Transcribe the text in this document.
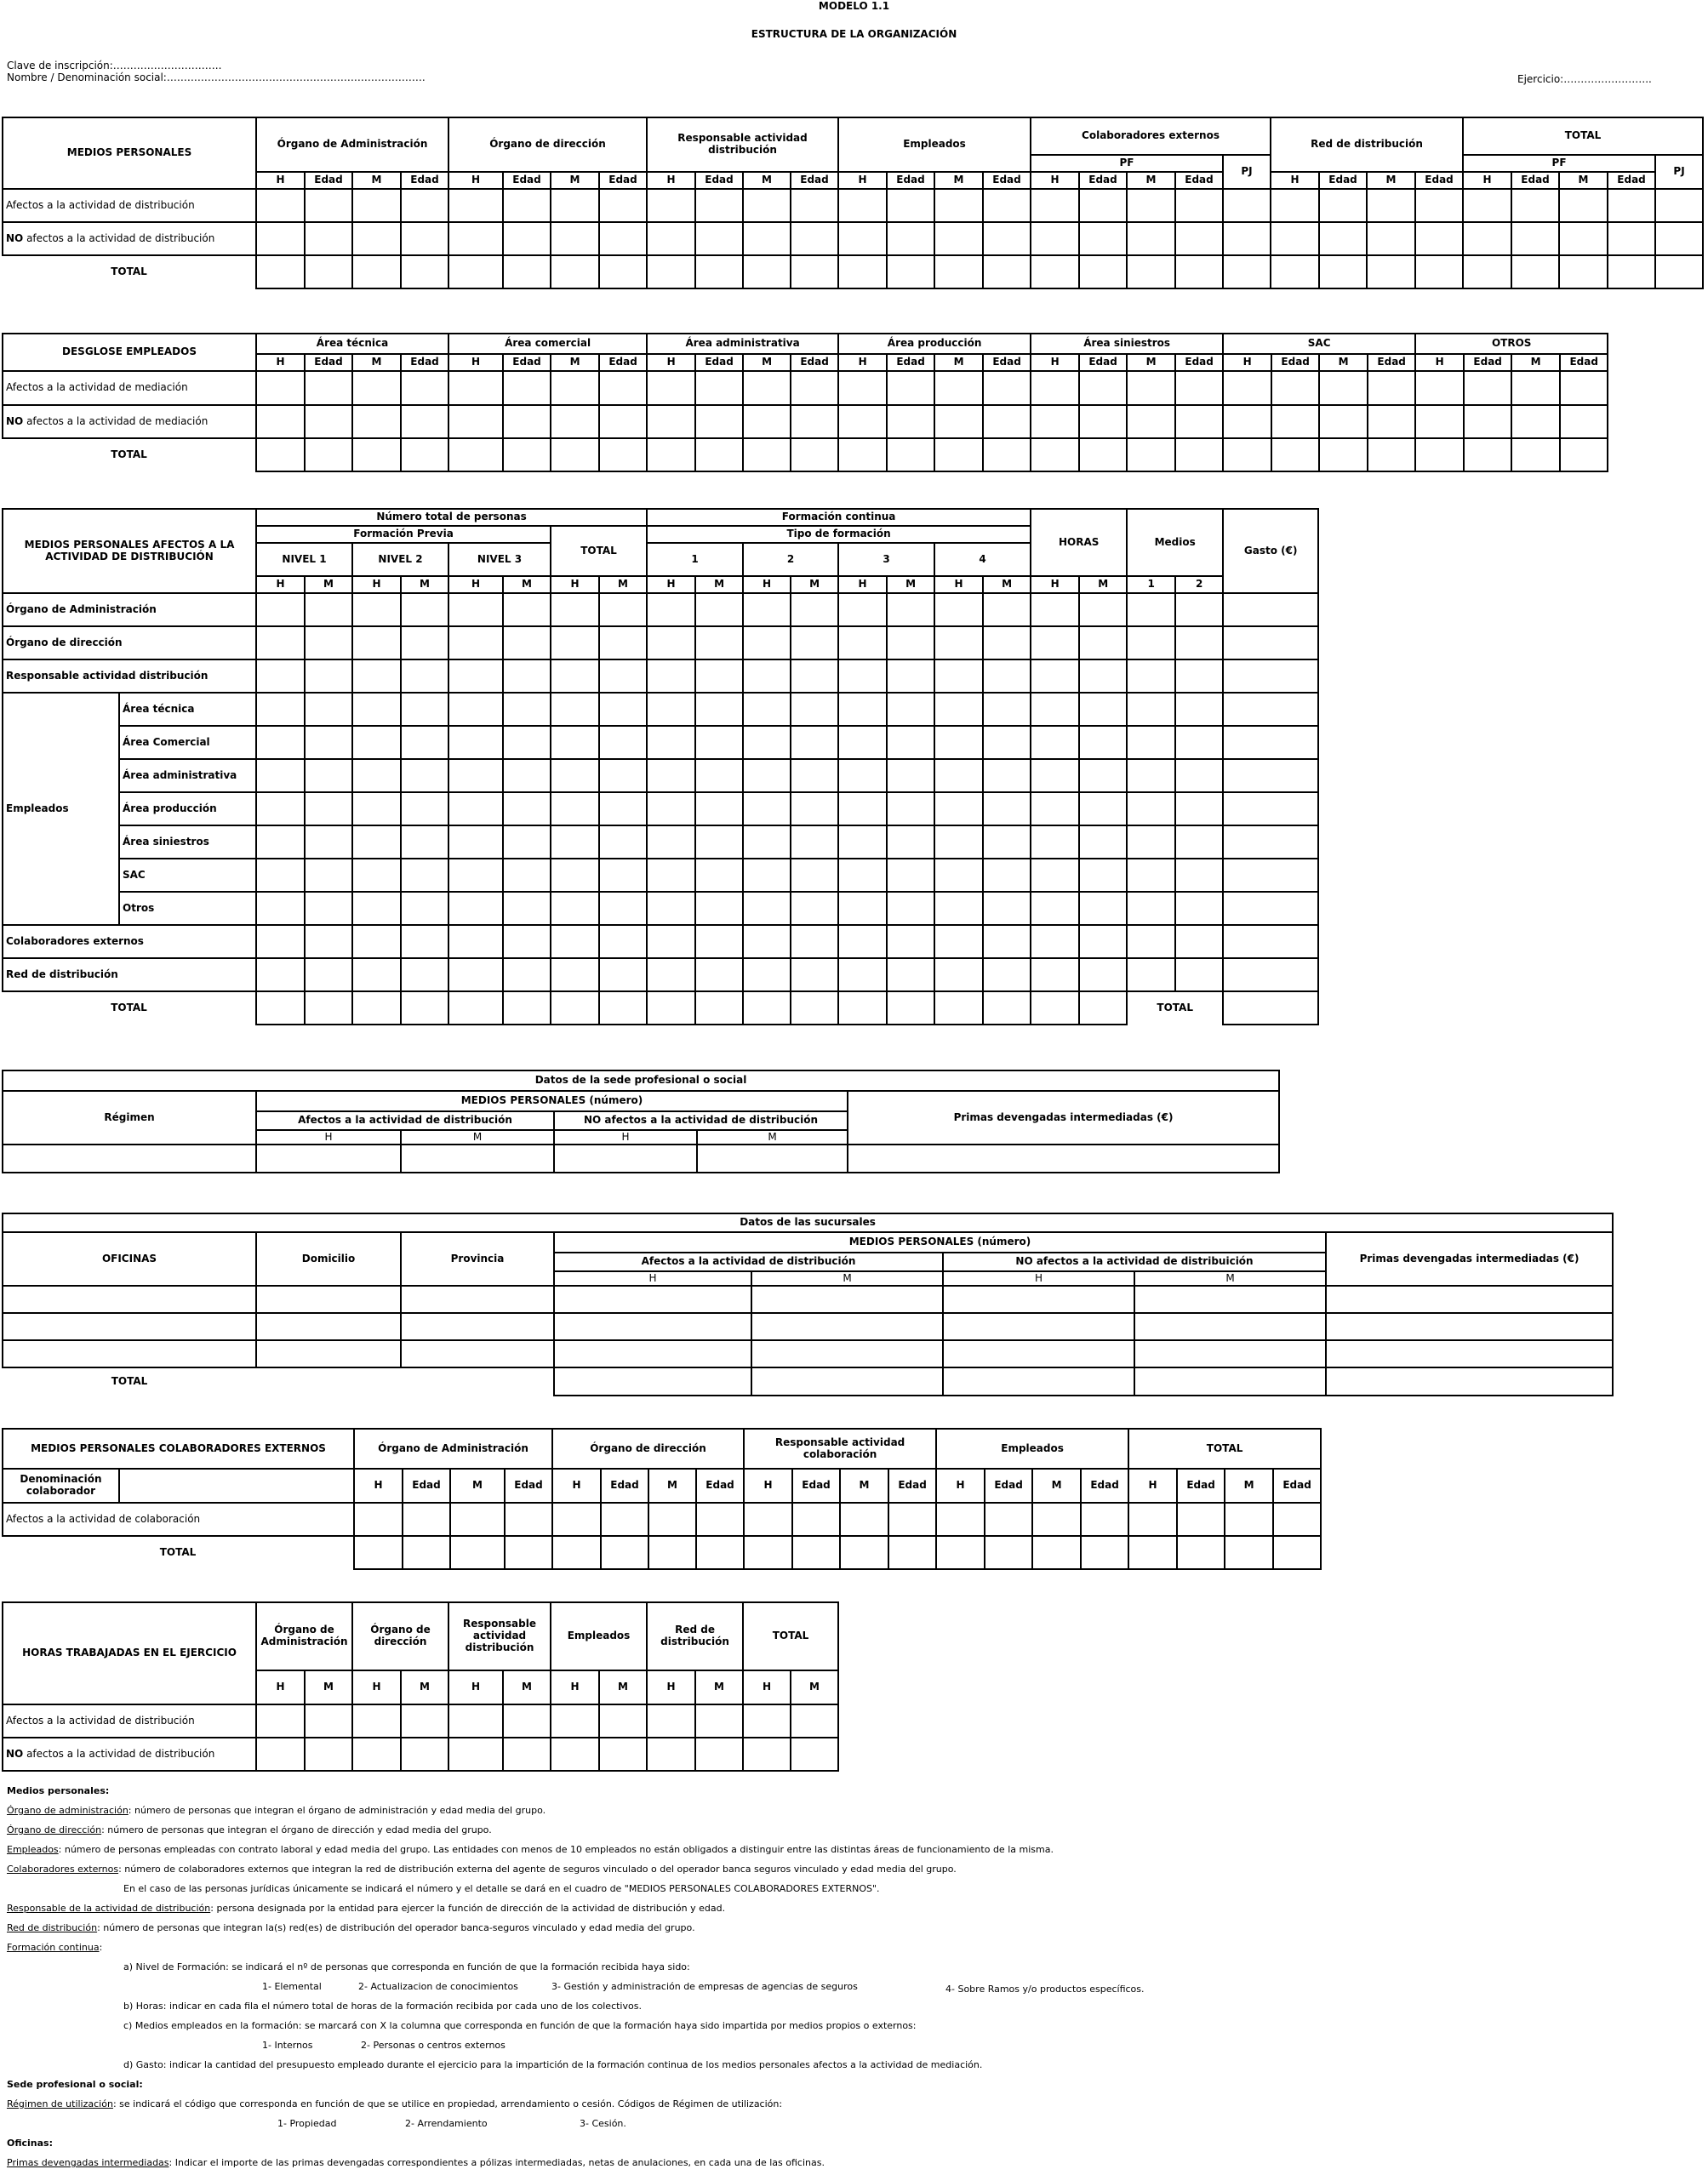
MODELO 1.1
ESTRUCTURA DE LA ORGANIZACIÓN
Clave de inscripción:…………………………..
Nombre / Denominación social:………………………………………………………………….	Ejercicio:……………………..
MEDIOS PERSONALES	Órgano de Administración				Órgano de dirección				Responsable actividad distribución				Empleados				Colaboradores externos					Red de distribución				TOTAL				
																	PF				PJ					PF				PJ
	H	Edad	M	Edad	H	Edad	M	Edad	H	Edad	M	Edad	H	Edad	M	Edad	H	Edad	M	Edad		H	Edad	M	Edad	H	Edad	M	Edad	
Afectos a la actividad de distribución																														
NO afectos a la actividad de distribución																														
TOTAL																														
DESGLOSE EMPLEADOS	Área técnica				Área comercial				Área administrativa				Área producción				Área siniestros				SAC				OTROS			
	H	Edad	M	Edad	H	Edad	M	Edad	H	Edad	M	Edad	H	Edad	M	Edad	H	Edad	M	Edad	H	Edad	M	Edad	H	Edad	M	Edad
Afectos a la actividad de mediación																												
NO afectos a la actividad de mediación																												
TOTAL																												
MEDIOS PERSONALES AFECTOS A LA ACTIVIDAD DE DISTRIBUCIÓN		Número total de personas								Formación continua								HORAS		Medios		Gasto (€)
		Formación Previa						TOTAL		Tipo de formación												
		NIVEL 1		NIVEL 2		NIVEL 3				1		2		3		4						
		H	M	H	M	H	M	H	M	H	M	H	M	H	M	H	M	H	M	1	2	
Órgano de Administración																						
Órgano de dirección																						
Responsable actividad distribución																						
Empleados	Área técnica																					
	Área Comercial																					
	Área administrativa																					
	Área producción																					
	Área siniestros																					
	SAC																					
	Otros																					
Colaboradores externos																						
Red de distribución																						
TOTAL																				TOTAL		
Datos de la sede profesional o social					
Régimen	MEDIOS PERSONALES (número)				Primas devengadas intermediadas (€)
	Afectos a la actividad de distribución		NO afectos a la actividad de distribución		
	H	M	H	M	

Datos de las sucursales							
OFICINAS	Domicilio	Provincia	MEDIOS PERSONALES (número)				Primas devengadas intermediadas (€)
			Afectos a la actividad de distribución		NO afectos a la actividad de distribuición		
			H	M	H	M	

TOTAL							
MEDIOS PERSONALES COLABORADORES EXTERNOS		Órgano de Administración				Órgano de dirección				Responsable actividad colaboración				Empleados				TOTAL			
Denominación colaborador		H	Edad	M	Edad	H	Edad	M	Edad	H	Edad	M	Edad	H	Edad	M	Edad	H	Edad	M	Edad
Afectos a la actividad de colaboración																					
TOTAL																					
HORAS TRABAJADAS EN EL EJERCICIO	Órgano de Administración		Órgano de dirección		Responsable actividad distribución		Empleados		Red de distribución		TOTAL	
	H	M	H	M	H	M	H	M	H	M	H	M
Afectos a la actividad de distribución												
NO afectos a la actividad de distribución												
Medios personales:
Órgano de administración: número de personas que integran el órgano de administración y edad media del grupo.
Órgano de dirección: número de personas que integran el órgano de dirección y edad media del grupo.
Empleados: número de personas empleadas con contrato laboral y edad media del grupo. Las entidades con menos de 10 empleados no están obligados a distinguir entre las distintas áreas de funcionamiento de la misma.
Colaboradores externos: número de colaboradores externos que integran la red de distribución externa del agente de seguros vinculado o del operador banca seguros vinculado y edad media del grupo.
En el caso de las personas jurídicas únicamente se indicará el número y el detalle se dará en el cuadro de "MEDIOS PERSONALES COLABORADORES EXTERNOS".
Responsable de la actividad de distribución: persona designada por la entidad para ejercer la función de dirección de la actividad de distribución y edad.
Red de distribución: número de personas que integran la(s) red(es) de distribución del operador banca-seguros vinculado y edad media del grupo.
Formación continua:
a) Nivel de Formación: se indicará el nº de personas que corresponda en función de que la formación recibida haya sido:
1- Elemental	2- Actualizacion de conocimientos	3- Gestión y administración de empresas de agencias de seguros	4- Sobre Ramos y/o productos específicos.
b) Horas: indicar en cada fila el número total de horas de la formación recibida por cada uno de los colectivos.
c) Medios empleados en la formación: se marcará con X la columna que corresponda en función de que la formación haya sido impartida por medios propios o externos:
1- Internos	2- Personas o centros externos
d) Gasto: indicar la cantidad del presupuesto empleado durante el ejercicio para la impartición de la formación continua de los medios personales afectos a la actividad de mediación.
Sede profesional o social:
Régimen de utilización: se indicará el código que corresponda en función de que se utilice en propiedad, arrendamiento o cesión. Códigos de Régimen de utilización:
1- Propiedad	2- Arrendamiento	3- Cesión.
Oficinas:
Primas devengadas intermediadas: Indicar el importe de las primas devengadas correspondientes a pólizas intermediadas, netas de anulaciones, en cada una de las oficinas.
